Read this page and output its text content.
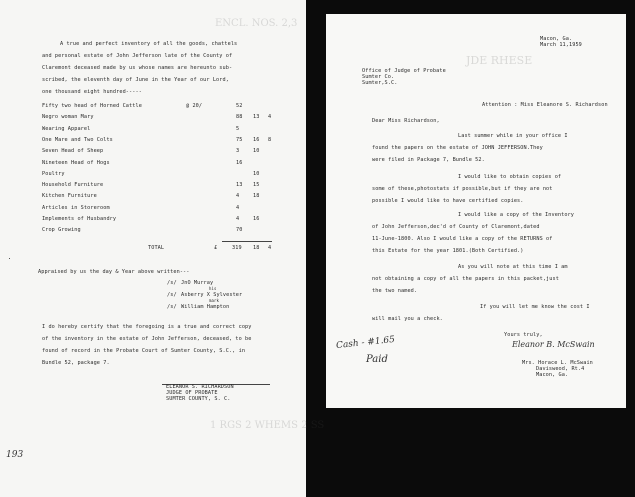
ENCL. NOS. 2,3
1 RGS 2 WHEMS 2 SS
A true and perfect inventory of all the goods, chattels
and personal estate of John Jefferson late of the County of
Claremont deceased made by us whose names are hereunto sub-
scribed, the eleventh day of June in the Year of our Lord,
one thousand eight hundred-----
Fifty two head of Horned Cattle	@ 20/	52
Negro woman Mary	88 13 4
Wearing Apparel	5
One Mare and Two Colts	75 16 8
Seven Head of Sheep	3	10
Nineteen Head of Hogs	16
Poultry	10
Household Furniture	13 15
Kitchen Furniture	4	18
Articles in Storeroom	4
Implements of Husbandry	4	16
Crop Growing	70
TOTAL	£	319 18 4
Appraised by us the day & Year above written---
/s/ JnO Murray
his
/s/ Asberry X Sylvester
mark
/s/ William Hampton
I do hereby certify that the foregoing is a true and correct copy
of the inventory in the estate of John Jefferson, deceased, to be
found of record in the Probate Court of Sumter County, S.C., in
Bundle 52, package 7.
ELEANOR S. RICHARDSON
JUDGE OF PROBATE
SUMTER COUNTY, S. C.
193
JDE RHESE
Macon, Ga.
March 11,1959
Office of Judge of Probate
Sumter Co.
Sumter,S.C.
Attention : Miss Eleanore S. Richardson
Dear Miss Richardson,
Last summer while in your office I
found the papers on the estate of JOHN JEFFERSON.They
were filed in Package 7, Bundle 52.
I would like to obtain copies of
some of these,photostats if possible,but if they are not
possible I would like to have certified copies.
I would like a copy of the Inventory
of John Jefferson,dec'd of County of Claremont,dated
11-June-1800. Also I would like a copy of the RETURNS of
this Estate for the year 1801.(Both Certified.)
As you will note at this time I am
not obtaining a copy of all the papers in this packet,just
the two named.
If you will let me know the cost I
will mail you a check.
Yours truly,
Eleanor B. McSwain
Mrs. Horace L. McSwain
Davisweod, Rt.4
Macon, Ga.
Cash - #1.65
Paid
